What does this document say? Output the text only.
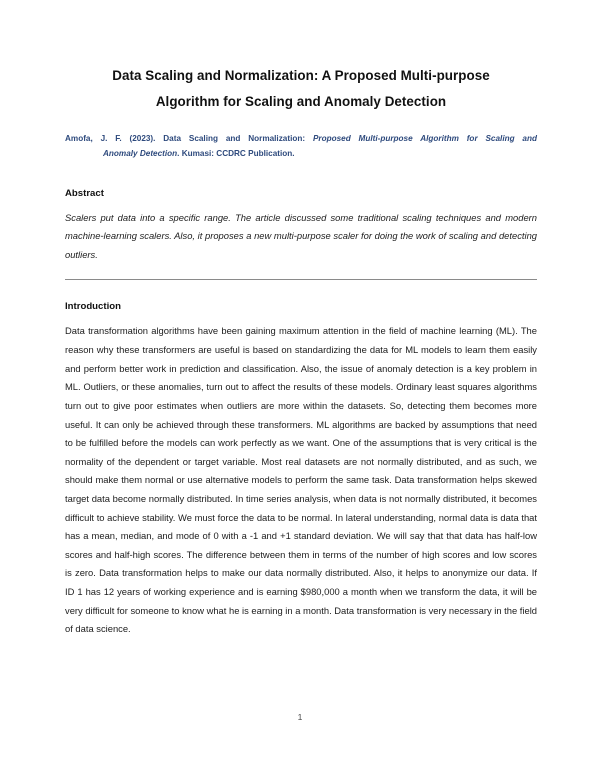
Data Scaling and Normalization: A Proposed Multi-purpose
Algorithm for Scaling and Anomaly Detection

Amofa, J. F. (2023). Data Scaling and Normalization: Proposed Multi-purpose Algorithm for Scaling and
Anomaly Detection. Kumasi: CCDRC Publication.

Abstract

Scalers put data into a specific range. The article discussed some traditional scaling techniques and modern machine-learning scalers. Also, it proposes a new multi-purpose scaler for doing the work of scaling and detecting outliers.

Introduction

Data transformation algorithms have been gaining maximum attention in the field of machine learning (ML). The reason why these transformers are useful is based on standardizing the data for ML models to learn them easily and perform better work in prediction and classification. Also, the issue of anomaly detection is a key problem in ML. Outliers, or these anomalies, turn out to affect the results of these models. Ordinary least squares algorithms turn out to give poor estimates when outliers are more within the datasets. So, detecting them becomes more useful. It can only be achieved through these transformers. ML algorithms are backed by assumptions that need to be fulfilled before the models can work perfectly as we want. One of the assumptions that is very critical is the normality of the dependent or target variable. Most real datasets are not normally distributed, and as such, we should make them normal or use alternative models to perform the same task. Data transformation helps skewed target data become normally distributed. In time series analysis, when data is not normally distributed, it becomes difficult to achieve stability. We must force the data to be normal. In lateral understanding, normal data is data that has a mean, median, and mode of 0 with a -1 and +1 standard deviation. We will say that that data has half-low scores and half-high scores. The difference between them in terms of the number of high scores and low scores is zero. Data transformation helps to make our data normally distributed. Also, it helps to anonymize our data. If ID 1 has 12 years of working experience and is earning $980,000 a month when we transform the data, it will be very difficult for someone to know what he is earning in a month. Data transformation is very necessary in the field of data science.

1
